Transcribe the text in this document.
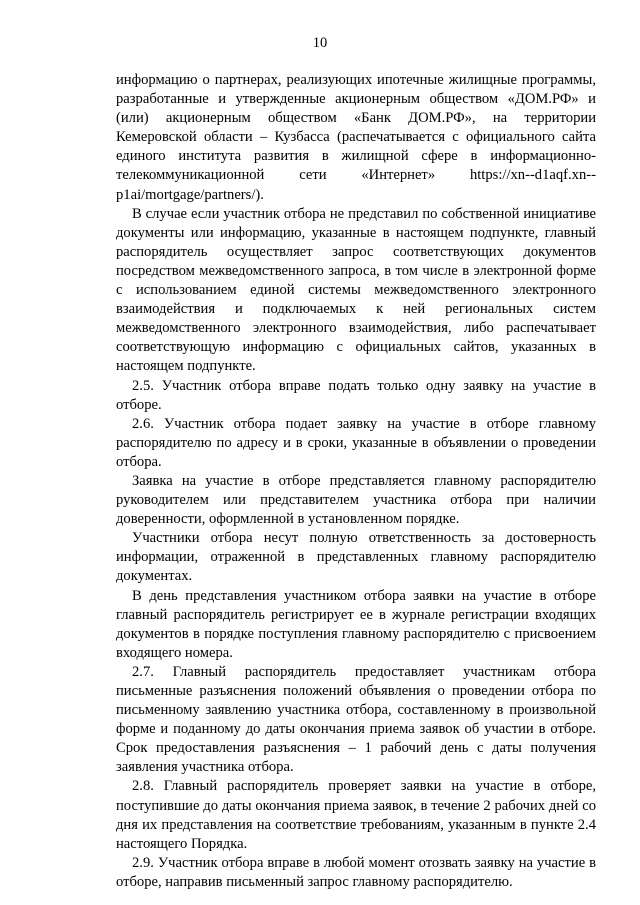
10

информацию о партнерах, реализующих ипотечные жилищные программы, разработанные и утвержденные акционерным обществом «ДОМ.РФ» и (или) акционерным обществом «Банк ДОМ.РФ», на территории Кемеровской области – Кузбасса (распечатывается с официального сайта единого института развития в жилищной сфере в информационно-телекоммуникационной сети «Интернет» https://xn--d1aqf.xn--p1ai/mortgage/partners/).

В случае если участник отбора не представил по собственной инициативе документы или информацию, указанные в настоящем подпункте, главный распорядитель осуществляет запрос соответствующих документов посредством межведомственного запроса, в том числе в электронной форме с использованием единой системы межведомственного электронного взаимодействия и подключаемых к ней региональных систем межведомственного электронного взаимодействия, либо распечатывает соответствующую информацию с официальных сайтов, указанных в настоящем подпункте.

2.5. Участник отбора вправе подать только одну заявку на участие в отборе.

2.6. Участник отбора подает заявку на участие в отборе главному распорядителю по адресу и в сроки, указанные в объявлении о проведении отбора.

Заявка на участие в отборе представляется главному распорядителю руководителем или представителем участника отбора при наличии доверенности, оформленной в установленном порядке.

Участники отбора несут полную ответственность за достоверность информации, отраженной в представленных главному распорядителю документах.

В день представления участником отбора заявки на участие в отборе главный распорядитель регистрирует ее в журнале регистрации входящих документов в порядке поступления главному распорядителю с присвоением входящего номера.

2.7. Главный распорядитель предоставляет участникам отбора письменные разъяснения положений объявления о проведении отбора по письменному заявлению участника отбора, составленному в произвольной форме и поданному до даты окончания приема заявок об участии в отборе. Срок предоставления разъяснения – 1 рабочий день с даты получения заявления участника отбора.

2.8. Главный распорядитель проверяет заявки на участие в отборе, поступившие до даты окончания приема заявок, в течение 2 рабочих дней со дня их представления на соответствие требованиям, указанным в пункте 2.4 настоящего Порядка.

2.9. Участник отбора вправе в любой момент отозвать заявку на участие в отборе, направив письменный запрос главному распорядителю.
